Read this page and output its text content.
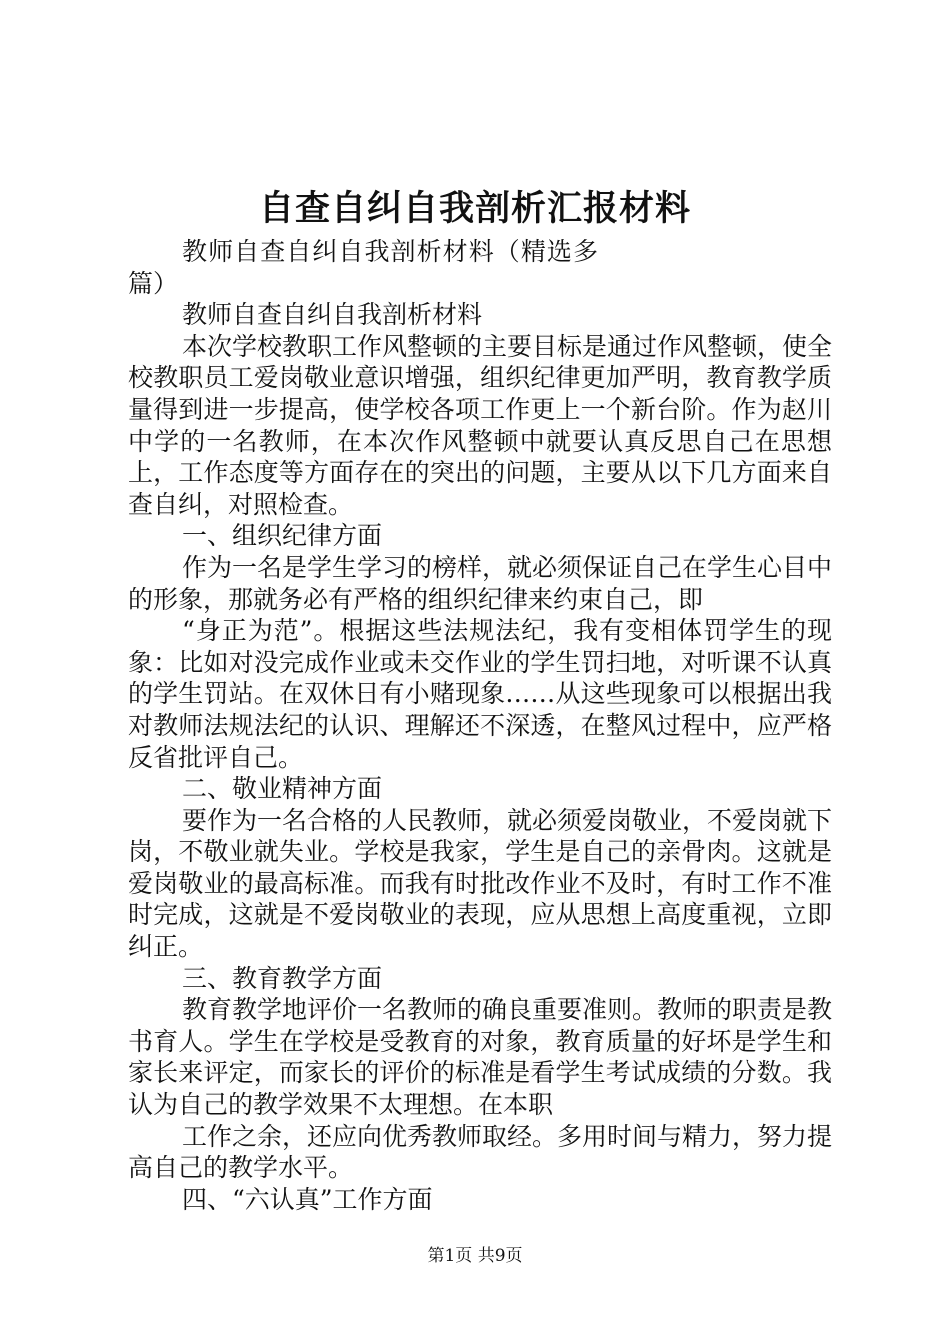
自查自纠自我剖析汇报材料

教师自查自纠自我剖析材料（精选多篇）

教师自查自纠自我剖析材料

本次学校教职工作风整顿的主要目标是通过作风整顿，使全校教职员工爱岗敬业意识增强，组织纪律更加严明，教育教学质量得到进一步提高，使学校各项工作更上一个新台阶。作为赵川中学的一名教师，在本次作风整顿中就要认真反思自己在思想上，工作态度等方面存在的突出的问题，主要从以下几方面来自查自纠，对照检查。

一、组织纪律方面

作为一名是学生学习的榜样，就必须保证自己在学生心目中的形象，那就务必有严格的组织纪律来约束自己，即

“身正为范”。根据这些法规法纪，我有变相体罚学生的现象：比如对没完成作业或未交作业的学生罚扫地，对听课不认真的学生罚站。在双休日有小赌现象……从这些现象可以根据出我对教师法规法纪的认识、理解还不深透，在整风过程中，应严格反省批评自己。

二、敬业精神方面

要作为一名合格的人民教师，就必须爱岗敬业，不爱岗就下岗，不敬业就失业。学校是我家，学生是自己的亲骨肉。这就是爱岗敬业的最高标准。而我有时批改作业不及时，有时工作不准时完成，这就是不爱岗敬业的表现，应从思想上高度重视，立即纠正。

三、教育教学方面

教育教学地评价一名教师的确良重要准则。教师的职责是教书育人。学生在学校是受教育的对象，教育质量的好坏是学生和家长来评定，而家长的评价的标准是看学生考试成绩的分数。我认为自己的教学效果不太理想。在本职

工作之余，还应向优秀教师取经。多用时间与精力，努力提高自己的教学水平。

四、“六认真”工作方面

第1页 共9页
